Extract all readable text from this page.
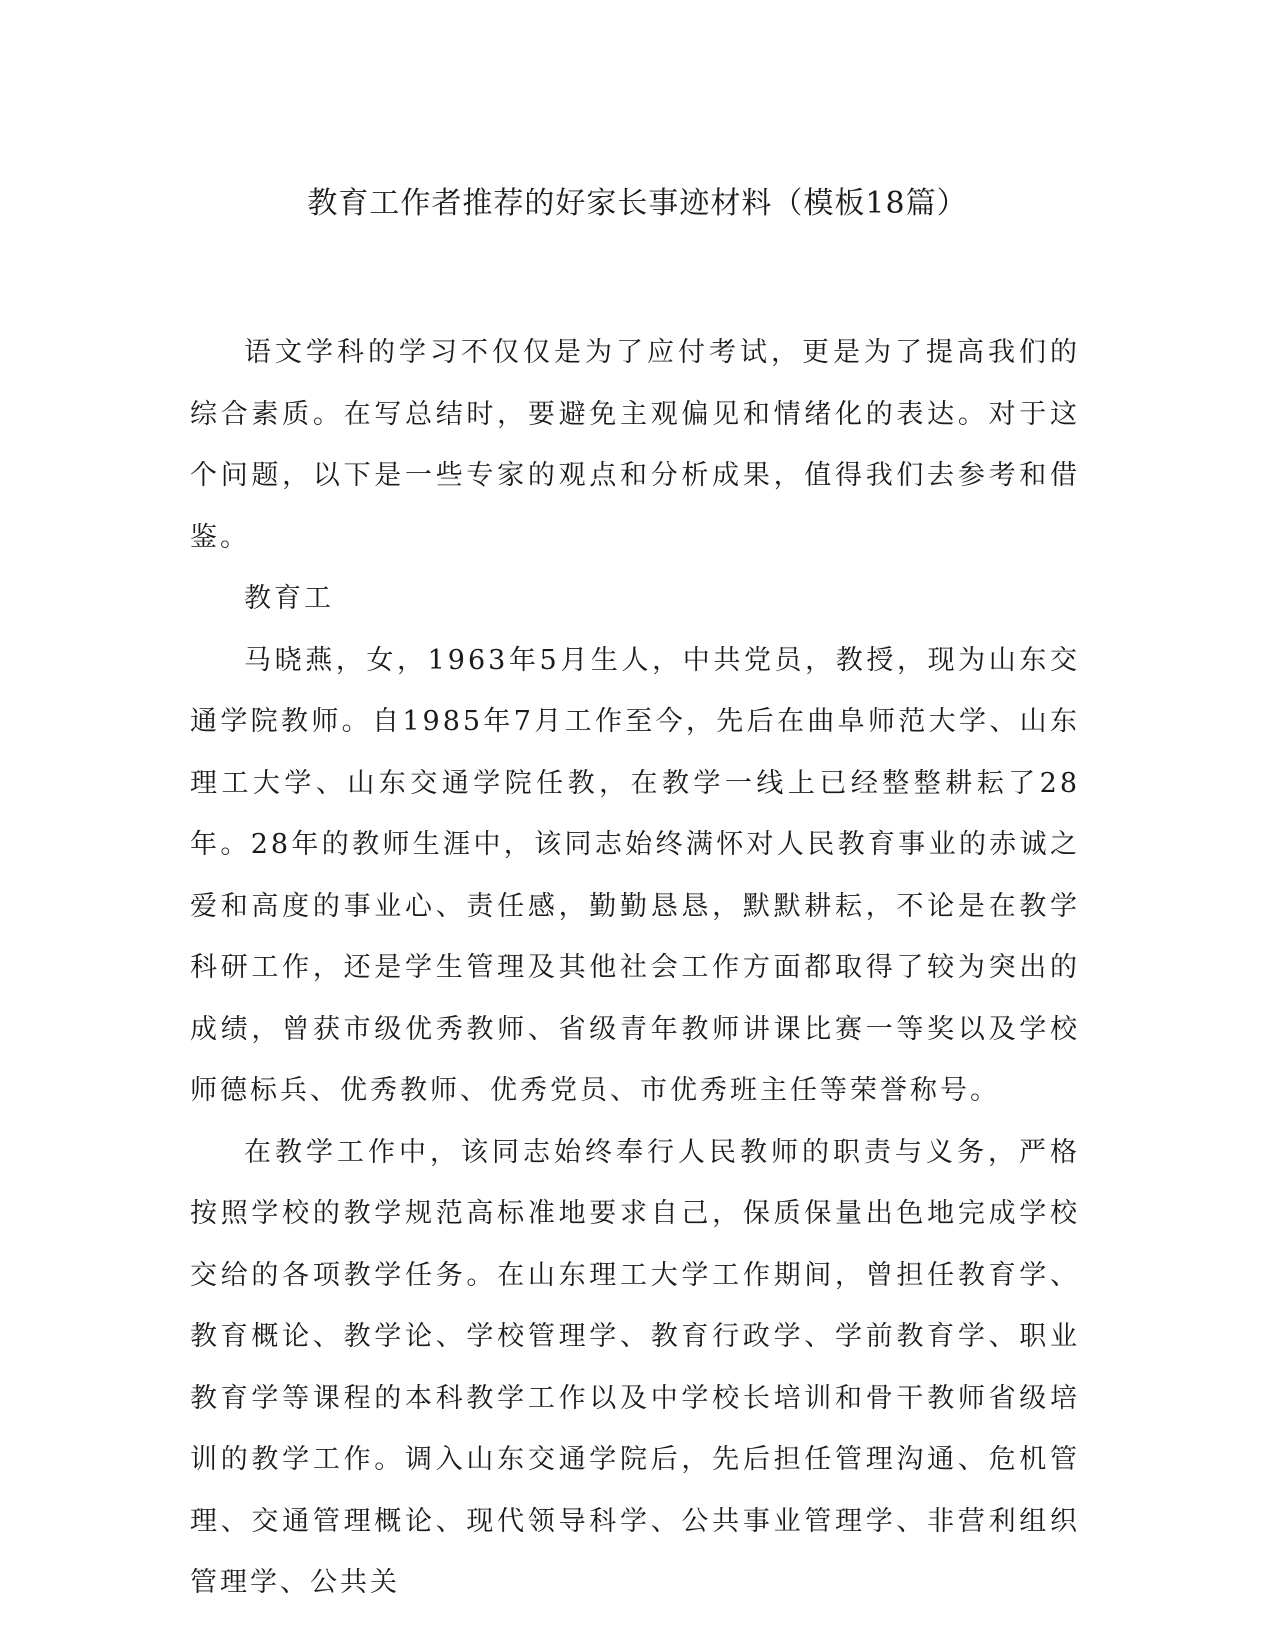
教育工作者推荐的好家长事迹材料（模板18篇）

语文学科的学习不仅仅是为了应付考试，更是为了提高我们的综合素质。在写总结时，要避免主观偏见和情绪化的表达。对于这个问题，以下是一些专家的观点和分析成果，值得我们去参考和借鉴。

教育工

马晓燕，女，1963年5月生人，中共党员，教授，现为山东交通学院教师。自1985年7月工作至今，先后在曲阜师范大学、山东理工大学、山东交通学院任教，在教学一线上已经整整耕耘了28年。28年的教师生涯中，该同志始终满怀对人民教育事业的赤诚之爱和高度的事业心、责任感，勤勤恳恳，默默耕耘，不论是在教学科研工作，还是学生管理及其他社会工作方面都取得了较为突出的成绩，曾获市级优秀教师、省级青年教师讲课比赛一等奖以及学校师德标兵、优秀教师、优秀党员、市优秀班主任等荣誉称号。

在教学工作中，该同志始终奉行人民教师的职责与义务，严格按照学校的教学规范高标准地要求自己，保质保量出色地完成学校交给的各项教学任务。在山东理工大学工作期间，曾担任教育学、教育概论、教学论、学校管理学、教育行政学、学前教育学、职业教育学等课程的本科教学工作以及中学校长培训和骨干教师省级培训的教学工作。调入山东交通学院后，先后担任管理沟通、危机管理、交通管理概论、现代领导科学、公共事业管理学、非营利组织管理学、公共关
